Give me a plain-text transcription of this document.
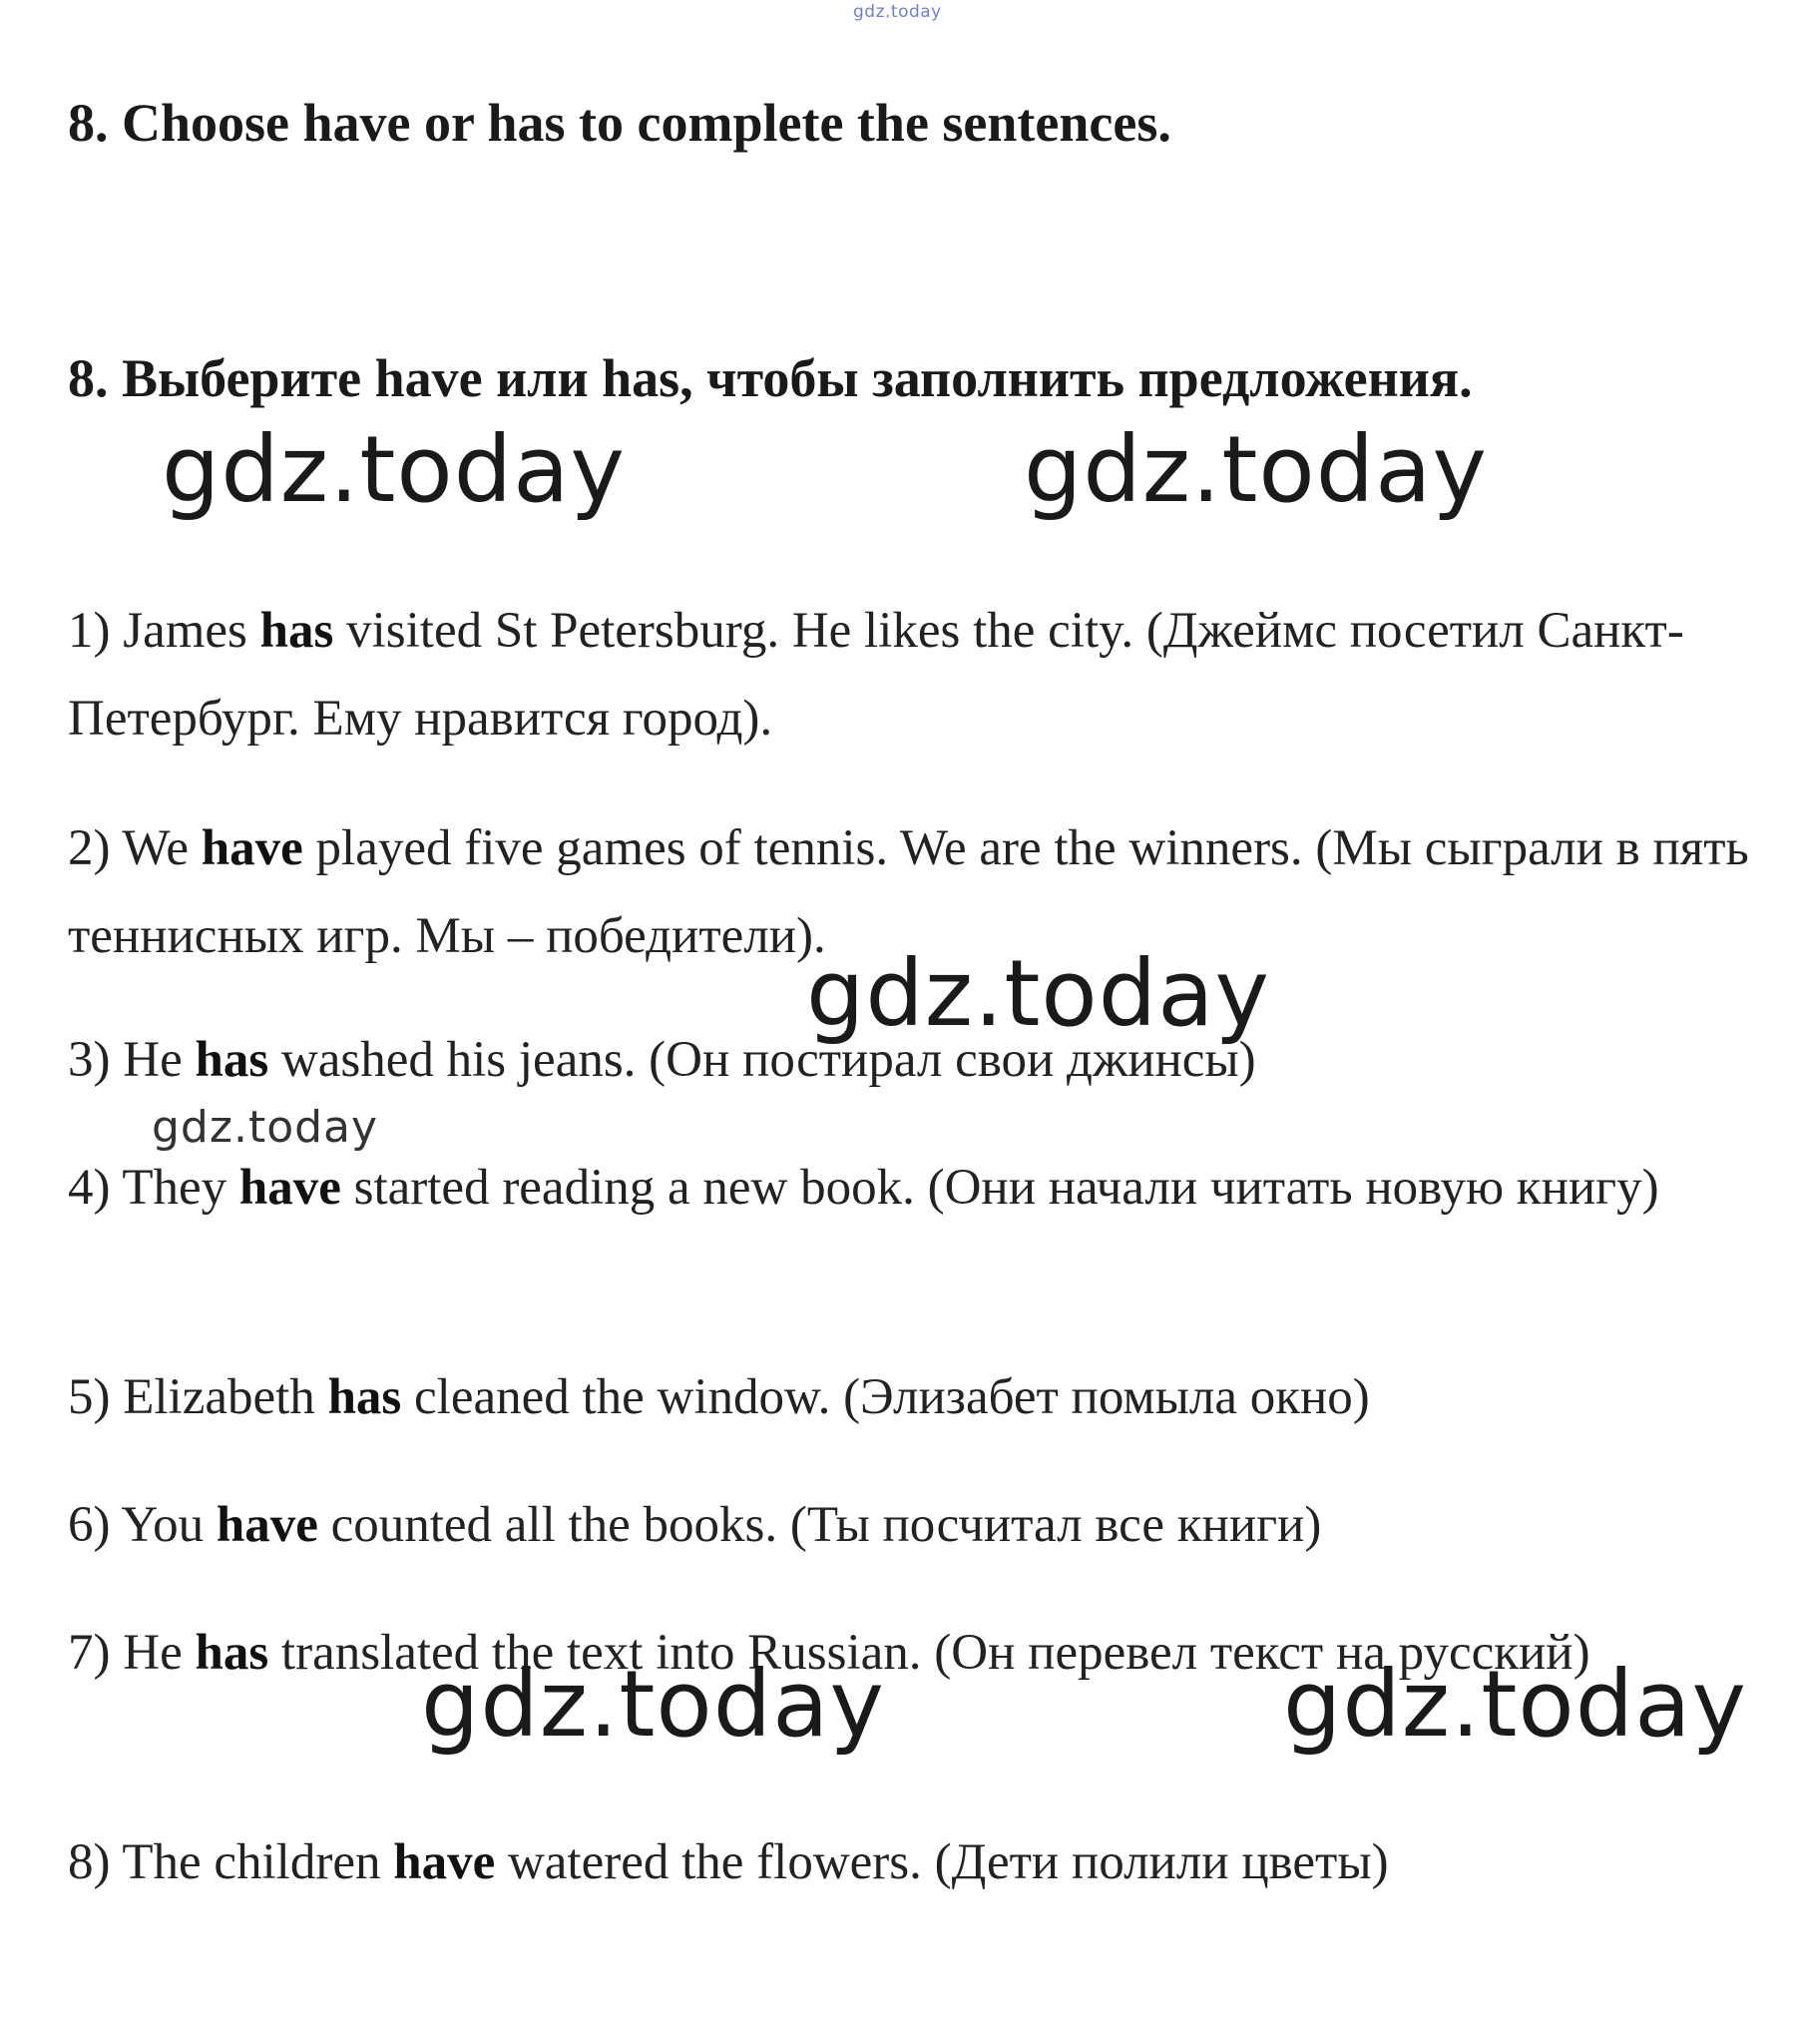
gdz.today
8. Choose have or has to complete the sentences.
8. Выберите have или has, чтобы заполнить предложения.
1) James has visited St Petersburg. He likes the city. (Джеймс посетил Санкт-Петербург. Ему нравится город).
2) We have played five games of tennis. We are the winners. (Мы сыграли в пять теннисных игр. Мы – победители).
3) He has washed his jeans. (Он постирал свои джинсы)
4) They have started reading a new book. (Они начали читать новую книгу)
5) Elizabeth has cleaned the window. (Элизабет помыла окно)
6) You have counted all the books. (Ты посчитал все книги)
7) He has translated the text into Russian. (Он перевел текст на русский)
8) The children have watered the flowers. (Дети полили цветы)
gdz.today	gdz.today
gdz.today
gdz.today
gdz.today	gdz.today
